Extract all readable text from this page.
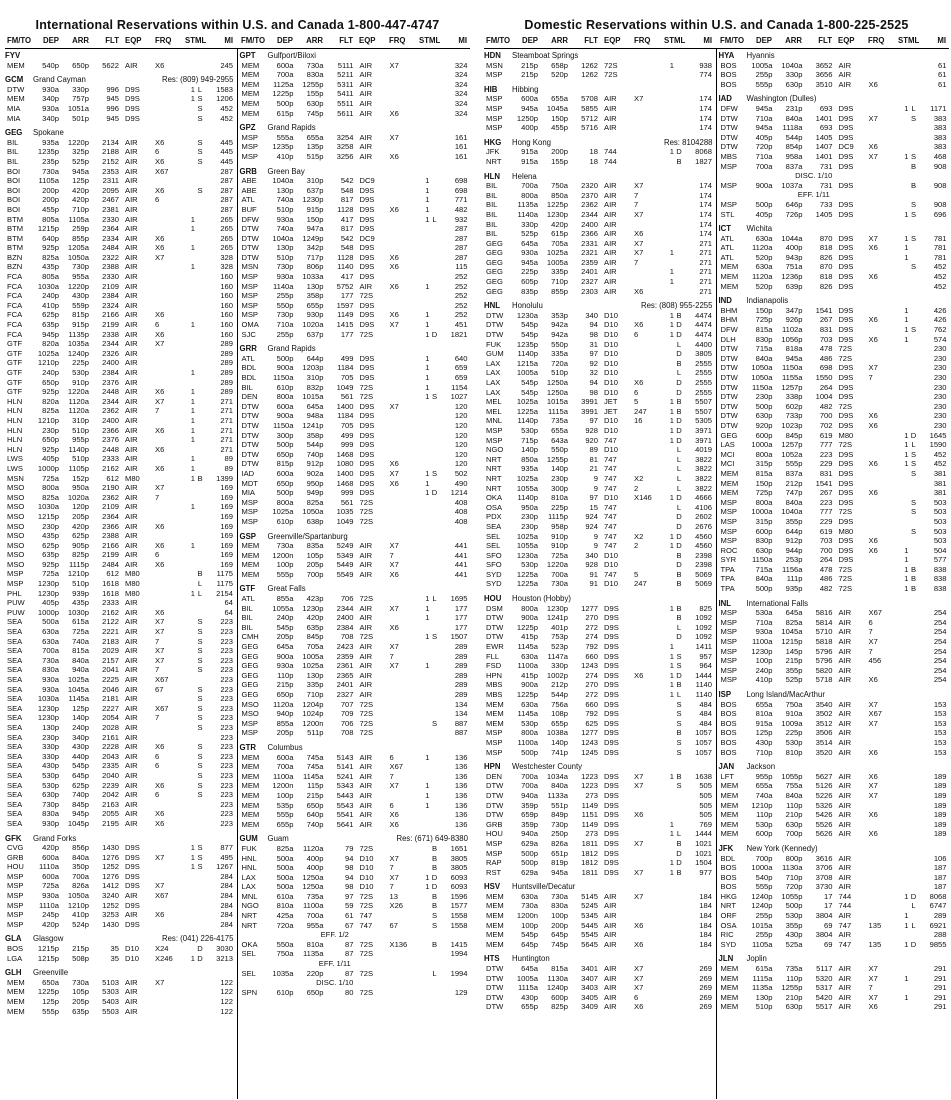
International Reservations within U.S. and Canada 1-800-447-4747
FM/TO	DEP	ARR	FLT EQP	FRQ	ST ML	MI FM/TO	DEP	ARR	FLT EQP	FRQ	ST ML	MI
FYV
MEM	540p	650p	5622 AIR	X6	245
GCM	Grand Cayman	Res: (809) 949-2955
DTW	930a	330p	996 D9S	1 L	1583
MEM	340p	757p	945 D9S	1 S	1206
MIA	930a	1051a	996 D9S	S	452
MIA	340p	501p	945 D9S	S	452
GEG	Spokane
BIL	935a	1220p	2134 AIR	X6	S	445
BIL	1235p	325p	2188 AIR	6	S	445
BIL	235p	525p	2152 AIR	X6	S	445
BOI	730a	945a	2353 AIR	X67	287
BOI	1105a	125p	2311 AIR	287
BOI	200p	420p	2095 AIR	X6	S	287
BOI	200p	420p	2467 AIR	6	287
BOI	455p	710p	2381 AIR	287
BTM	805a	1105a	2330 AIR	1	265
BTM	1215p	259p	2364 AIR	1	265
BTM	640p	855p	2334 AIR	X6	265
BTM	925p	1205a	2484 AIR	X6	1	265
BZN	825a	1050a	2322 AIR	X7	328
BZN	435p	730p	2388 AIR	1	328
FCA	805a	955a	2330 AIR	160
FCA	1030a	1220p	2109 AIR	160
FCA	240p	430p	2384 AIR	160
FCA	410p	559p	2324 AIR	160
FCA	625p	815p	2166 AIR	X6	160
FCA	635p	915p	2199 AIR	6	1	160
FCA	945p	1135p	2338 AIR	X6	160
GTF	820a	1035a	2344 AIR	X7	289
GTF	1025a	1240p	2326 AIR	289
GTF	1210p	225p	2400 AIR	289
GTF	240p	530p	2384 AIR	1	289
GTF	650p	910p	2376 AIR	289
GTF	925p	1220a	2448 AIR	X6	1	289
HLN	820a	1120a	2344 AIR	X7	1	271
HLN	825a	1120a	2362 AIR	7	1	271
HLN	1210p	310p	2400 AIR	1	271
HLN	230p	510p	2366 AIR	X6	1	271
HLN	650p	955p	2376 AIR	1	271
HLN	925p	1140p	2448 AIR	X6	271
LWS	405p	510p	2333 AIR	1	89
LWS	1000p	1105p	2162 AIR	X6	1	89
MSN	725a	152p	612 M80	1 B	1399
MSO	800a	950a	2190 AIR	X7	169
MSO	825a	1020a	2362 AIR	7	169
MSO	1030a	120p	2109 AIR	1	169
MSO	1215p	205p	2364 AIR	169
MSO	230p	420p	2366 AIR	X6	169
MSO	435p	625p	2388 AIR	169
MSO	625p	905p	2166 AIR	X6	1	169
MSO	635p	825p	2199 AIR	6	169
MSO	925p	1115p	2484 AIR	X6	169
MSP	725a	1210p	612 M80	B	1175
MSP	1230p	510p	1618 M80	L	1175
PHL	1230p	939p	1618 M80	1 L	2154
PUW	405p	435p	2333 AIR	64
PUW	1000p	1030p	2162 AIR	X6	64
SEA	500a	615a	2122 AIR	X7	S	223
SEA	630a	725a	2221 AIR	X7	S	223
SEA	630a	740a	2183 AIR	7	S	223
SEA	700a	815a	2029 AIR	X7	S	223
SEA	730a	840a	2157 AIR	X7	S	223
SEA	830a	940a	2041 AIR	7	S	223
SEA	930a	1025a	2225 AIR	X67	223
SEA	930a	1045a	2046 AIR	67	S	223
SEA	1030a	1145a	2181 AIR	S	223
SEA	1230p	125p	2227 AIR	X67	S	223
SEA	1230p	140p	2054 AIR	7	S	223
SEA	130p	240p	2028 AIR	S	223
SEA	230p	340p	2161 AIR	223
SEA	330p	430p	2228 AIR	X6	S	223
SEA	330p	440p	2043 AIR	6	S	223
SEA	430p	545p	2335 AIR	6	S	223
SEA	530p	645p	2040 AIR	S	223
SEA	530p	625p	2239 AIR	X6	S	223
SEA	630p	740p	2042 AIR	6	S	223
SEA	730p	845p	2163 AIR	223
SEA	830a	945p	2055 AIR	X6	223
SEA	930p	1045p	2195 AIR	X6	223
GFK	Grand Forks
CVG	420p	856p	1430 D9S	1 S	877
GRB	600a	840a	1276 D9S	X7	1 S	495
HOU	1110a	350p	1252 D9S	1 S	1267
MSP	600a	700a	1276 D9S	284
MSP	725a	826a	1412 D9S	X7	284
MSP	930a	1050a	3240 AIR	X67	284
MSP	1110a	1210p	1252 D9S	284
MSP	245p	410p	3253 AIR	X6	284
MSP	420p	524p	1430 D9S	284
GLA	Glasgow	Res: (041) 226-4175
BOS	1215p	215p	35 D10	X24	D	3030
LGA	1215p	508p	35 D10	X246	1 D	3213
GLH	Greenville
MEM	650a	730a	5103 AIR	X7	122
MEM	1225p	105p	5303 AIR	122
MEM	125p	205p	5403 AIR	122
MEM	555p	635p	5503 AIR	122
GPT	Gulfport/Biloxi
MEM	600a	730a	5111 AIR	X7	324
MEM	700a	830a	5211 AIR	324
MEM	1125a	1255p	5311 AIR	324
MEM	1225p	155p	5411 AIR	324
MEM	500p	630p	5511 AIR	324
MEM	615p	745p	5611 AIR	X6	324
GPZ	Grand Rapids
MSP	555a	655a	3254 AIR	X7	161
MSP	1235p	135p	3258 AIR	161
MSP	410p	515p	3256 AIR	X6	161
GRB	Green Bay
ABE	1040a	310p	542 DC9	1	698
ABE	130p	637p	548 D9S	1	698
ATL	740a	1230p	817 D9S	1	771
BUF	510p	915p	1128 D9S	X6	1	482
DFW	930a	150p	417 D9S	1 L	932
DTW	740a	947a	817 D9S	287
DTW	1040a	1249p	542 DC9	287
DTW	130p	342p	548 D9S	287
DTW	510p	717p	1128 D9S	X6	287
MSN	730p	806p	1140 D9S	X6	115
MSP	930a	1033a	417 D9S	252
MSP	1140a	130p	5752 AIR	X6	1	252
MSP	255p	358p	177 72S	252
MSP	550p	655p	1597 D9S	252
MSP	730p	930p	1149 D9S	X6	1	252
OMA	710a	1020a	1415 D9S	X7	1	451
SJC	255p	637p	177 72S	1 D	1821
GRR	Grand Rapids
ATL	500p	644p	499 D9S	1	640
BDL	900a	1203p	1184 D9S	1	659
BDL	1150a	310p	705 D9S	1	659
BIL	610p	832p	1049 72S	1	1154
DEN	800a	1015a	561 72S	1 S	1027
DTW	600a	645a	1400 D9S	X7	120
DTW	900a	948a	1184 D9S	120
DTW	1150a	1241p	705 D9S	120
DTW	300p	358p	499 D9S	120
DTW	500p	544p	999 D9S	120
DTW	650p	740p	1468 D9S	120
DTW	815p	912p	1080 D9S	X6	120
IAD	600a	902a	1400 D9S	X7	1 S	502
MDT	650p	950p	1468 D9S	X6	1	490
MIA	500p	949p	999 D9S	1 D	1214
MSP	800a	825a	561 72S	408
MSP	1025a	1050a	1035 72S	408
MSP	610p	638p	1049 72S	408
GSP	Greenville/Spartanburg
MEM	730a	835a	5249 AIR	X7	441
MEM	1200n	105p	5349 AIR	7	441
MEM	100p	205p	5449 AIR	X7	441
MEM	555p	700p	5549 AIR	X6	441
GTF	Great Falls
ATL	855a	423p	706 72S	1 L	1695
BIL	1055a	1230p	2344 AIR	X7	1	177
BIL	240p	420p	2400 AIR	1	177
BIL	545p	635p	2384 AIR	X6	177
CMH	205p	845p	708 72S	1 S	1507
GEG	645a	705a	2423 AIR	X7	289
GEG	900a	1005a	2359 AIR	7	289
GEG	930a	1025a	2361 AIR	X7	1	289
GEG	110p	130p	2365 AIR	289
GEG	215p	335p	2401 AIR	289
GEG	650p	710p	2327 AIR	289
MSO	1120a	1204p	707 72S	134
MSO	940p	1024p	709 72S	134
MSP	855a	1200n	706 72S	S	887
MSP	205p	511p	708 72S	887
GTR	Columbus
MEM	600a	745a	5143 AIR	6	1	136
MEM	700a	745a	5141 AIR	X67	136
MEM	1100a	1145a	5241 AIR	7	136
MEM	1200n	115p	5343 AIR	X7	1	136
MEM	100p	215p	5443 AIR	1	136
MEM	535p	650p	5543 AIR	6	1	136
MEM	555p	640p	5541 AIR	X6	136
MEM	655p	740p	5641 AIR	X6	136
GUM	Guam	Res: (671) 649-8380
FUK	825a	1120a	79 72S	B	1651
HNL	500a	400p	94 D10	X7	B	3805
HNL	500a	400p	98 D10	7	B	3805
LAX	500a	1250a	94 D10	X7	1 D	6093
LAX	500a	1250a	98 D10	7	1 D	6093
MNL	610a	735a	97 72S	13	B	1596
NGO	810a	1100a	59 72S	X26	B	1577
NRT	425a	700a	61 747	S	1558
NRT	720a	955a	67 747	67	S	1558
EFF. 1/2
OKA	550a	810a	87 72S	X136	B	1415
SEL	750a	1135a	87 72S	1994
EFF. 1/11
SEL	1035a	220p	87 72S	L	1994
DISC. 1/10
SPN	610p	650p	80 72S	129
Domestic Reservations within U.S. and Canada 1-800-225-2525
FM/TO	DEP	ARR	FLT EQP	FRQ	ST ML	MI FM/TO	DEP	ARR	FLT EQP	FRQ	ST ML	MI
HDN	Steamboat Springs
MSN	215p	658p	1262 72S	1	938
MSP	215p	520p	1262 72S	774
HIB	Hibbing
MSP	600a	655a	5708 AIR	X7	174
MSP	945a	1045a	5855 AIR	174
MSP	1250p	150p	5712 AIR	174
MSP	400p	455p	5716 AIR	174
HKG	Hong Kong	Res: 8104288
JFK	915a	200p	18 744	1 D	8068
NRT	915a	155p	18 744	B	1827
HLN	Helena
BIL	700a	750a	2320 AIR	X7	174
BIL	800a	850a	2370 AIR	7	174
BIL	1135a	1225p	2362 AIR	7	174
BIL	1140a	1230p	2344 AIR	X7	174
BIL	330p	420p	2400 AIR	174
BIL	525p	615p	2366 AIR	X6	174
GEG	645a	705a	2331 AIR	X7	271
GEG	930a	1025a	2321 AIR	X7	1	271
GEG	945a	1005a	2359 AIR	7	271
GEG	225p	335p	2401 AIR	1	271
GEG	605p	710p	2327 AIR	1	271
GEG	835p	855p	2303 AIR	X6	271
HNL	Honolulu	Res: (808) 955-2255
DTW	1230a	353p	340 D10	1 B	4474
DTW	545p	942a	94 D10	X6	1 D	4474
DTW	545p	942a	98 D10	6	1 D	4474
FUK	1235p	550p	31 D10	L	4400
GUM	1140p	335a	97 D10	D	3805
LAX	1215a	720a	92 D10	B	2555
LAX	1005a	510p	32 D10	L	2555
LAX	545p	1250a	94 D10	X6	D	2555
LAX	545p	1250a	98 D10	6	D	2555
MEL	1025a	1015a	3991 JET	5	1 B	5507
MEL	1225a	1115a	3991 JET	247	1 B	5507
MNL	1140p	735a	97 D10	16	1 D	5305
MSP	530p	655a	928 D10	1 D	3971
MSP	715p	643a	920 747	1 D	3971
NGO	140p	550p	89 D10	L	4019
NRT	850a	1255p	81 747	L	3822
NRT	935a	140p	21 747	L	3822
NRT	1025a	230p	9 747	X2	L	3822
NRT	1055a	300p	9 747	2	L	3822
OKA	1140p	810a	97 D10	X146	1 D	4666
OSA	950a	225p	15 747	L	4106
PDX	230p	1115p	924 747	D	2602
SEA	230p	958p	924 747	D	2676
SEL	1025a	910p	9 747	X2	1 D	4560
SEL	1055a	910p	9 747	2	1 D	4560
SFO	1230a	725a	340 D10	B	2398
SFO	530p	1220a	928 D10	D	2398
SYD	1225a	700a	91 747	5	B	5069
SYD	1225a	730a	91 D10	247	B	5069
HOU	Houston (Hobby)
DSM	800a	1230p	1277 D9S	1 B	825
DTW	900a	1241p	270 D9S	B	1092
DTW	1225p	401p	272 D9S	L	1092
DTW	415p	753p	274 D9S	D	1092
EWR	1145a	523p	792 D9S	1	1411
FLL	630a	1147a	660 D9S	1 S	957
FSD	1100a	330p	1243 D9S	1 S	964
HPN	415p	1002p	274 D9S	X6	1 D	1444
MBS	900a	212p	270 D9S	1 B	1140
MBS	1225p	544p	272 D9S	1 L	1140
MEM	630a	756a	660 D9S	S	484
MEM	1145a	108p	792 D9S	S	484
MEM	530p	655p	625 D9S	S	484
MSP	800a	1038a	1277 D9S	B	1057
MSP	1100a	140p	1243 D9S	S	1057
MSP	500p	741p	1245 D9S	S	1057
HPN	Westchester County
DEN	700a	1034a	1223 D9S	X7	1 B	1638
DTW	700a	840a	1223 D9S	X7	S	505
DTW	940a	1133a	273 D9S	505
DTW	359p	551p	1149 D9S	505
DTW	659p	849p	1151 D9S	X6	505
GRB	359p	730p	1149 D9S	1	769
HOU	940a	250p	273 D9S	1 L	1444
MSP	629a	826a	1811 D9S	X7	B	1021
MSP	500p	651p	1812 D9S	D	1021
RAP	500p	819p	1812 D9S	1 D	1504
RST	629a	945a	1811 D9S	X7	1 B	977
HSV	Huntsville/Decatur
MEM	630a	730a	5145 AIR	X7	184
MEM	730a	830a	5245 AIR	184
MEM	1200n	100p	5345 AIR	184
MEM	100p	200p	5445 AIR	X6	184
MEM	545p	645p	5545 AIR	184
MEM	645p	745p	5645 AIR	X6	184
HTS	Huntington
DTW	645a	815a	3401 AIR	X7	269
DTW	1005a	1130a	3407 AIR	X7	269
DTW	1115a	1240p	3403 AIR	X7	269
DTW	430p	600p	3405 AIR	6	269
DTW	655p	825p	3409 AIR	X6	269
HYA	Hyannis
BOS	1005a	1040a	3652 AIR	61
BOS	255p	330p	3656 AIR	61
BOS	555p	630p	3510 AIR	X6	61
IAD	Washington (Dulles)
DFW	945a	231p	693 D9S	1 L	1171
DTW	710a	840a	1401 D9S	X7	S	383
DTW	945a	1118a	693 D9S	383
DTW	405p	544p	1405 D9S	383
DTW	720p	854p	1407 DC9	X6	383
MBS	710a	958a	1401 D9S	X7	1 S	468
MSP	700a	837a	731 D9S	B	908
DISC. 1/10
MSP	900a	1037a	731 D9S	B	908
EFF. 1/11
MSP	500p	646p	733 D9S	S	908
STL	405p	726p	1405 D9S	1 S	696
ICT	Wichita
ATL	630a	1044a	870 D9S	X7	1 S	781
ATL	1120a	400p	818 D9S	X6	1	781
ATL	520p	943p	826 D9S	1	781
MEM	630a	751a	870 D9S	S	452
MEM	1120a	1236p	818 D9S	X6	452
MEM	520p	639p	826 D9S	452
IND	Indianapolis
BHM	150p	347p	1541 D9S	1	426
BHM	725p	926p	267 D9S	X6	1	426
DFW	815a	1102a	831 D9S	1 S	762
DLH	830p	1056p	703 D9S	X6	1	574
DTW	715a	818a	478 72S	230
DTW	840a	945a	486 72S	230
DTW	1050a	1150a	698 D9S	X7	230
DTW	1050a	1155a	1550 D9S	7	230
DTW	1150a	1257p	264 D9S	230
DTW	230p	338p	1004 D9S	230
DTW	500p	602p	482 72S	230
DTW	630p	733p	700 D9S	X6	230
DTW	920p	1023p	702 D9S	X6	230
GEG	600p	845p	619 M80	1 D	1645
LAS	1000a	1257p	777 72S	1 L	1590
MCI	800a	1052a	223 D9S	1 S	452
MCI	315p	555p	229 D9S	X6	1 S	452
MEM	815a	837a	831 D9S	S	381
MEM	150p	212p	1541 D9S	381
MEM	725p	747p	267 D9S	X6	381
MSP	800a	840a	223 D9S	S	503
MSP	1000a	1040a	777 72S	S	503
MSP	315p	355p	229 D9S	503
MSP	600p	644p	619 M80	S	503
MSP	830p	912p	703 D9S	X6	503
ROC	630p	944p	700 D9S	X6	1	504
SYR	1150a	253p	264 D9S	1	577
TPA	715a	1156a	478 72S	1 B	838
TPA	840a	111p	486 72S	1 B	838
TPA	500p	935p	482 72S	1 B	838
INL	International Falls
MSP	530a	645a	5816 AIR	X67	254
MSP	710a	825a	5814 AIR	6	254
MSP	930a	1045a	5710 AIR	7	254
MSP	1100a	1215p	5818 AIR	X7	254
MSP	1230p	145p	5796 AIR	7	254
MSP	100p	215p	5796 AIR	456	254
MSP	240p	355p	5820 AIR	254
MSP	410p	525p	5718 AIR	X6	254
ISP	Long Island/MacArthur
BOS	655a	750a	3540 AIR	X7	153
BOS	810a	910a	3502 AIR	X67	153
BOS	915a	1009a	3512 AIR	X7	153
BOS	125p	225p	3506 AIR	153
BOS	430p	530p	3514 AIR	153
BOS	710p	810p	3520 AIR	X6	153
JAN	Jackson
LFT	955p	1055p	5627 AIR	X6	189
MEM	655a	755a	5126 AIR	X7	189
MEM	740a	840a	5226 AIR	X7	189
MEM	1210p	110p	5326 AIR	189
MEM	110p	210p	5426 AIR	X6	189
MEM	530p	630p	5526 AIR	189
MEM	600p	700p	5626 AIR	X6	189
JFK	New York (Kennedy)
BDL	700p	800p	3616 AIR	106
BOS	1000a	1130a	3706 AIR	187
BOS	540p	710p	3708 AIR	187
BOS	555p	720p	3730 AIR	187
HKG	1240p	1055p	17 744	1 D	8068
NRT	1240p	500p	17 744	L	6747
ORF	255p	530p	3804 AIR	1	289
OSA	1015a	355p	69 747	135	1 L	6921
RIC	255p	430p	3804 AIR	288
SYD	1105a	525a	69 747	135	1 D	9855
JLN	Joplin
MEM	615a	735a	5117 AIR	X7	291
MEM	1115a	110p	5320 AIR	X7	1	291
MEM	1135a	1255p	5317 AIR	7	291
MEM	130p	210p	5420 AIR	X7	1	291
MEM	510p	630p	5517 AIR	X6	291
